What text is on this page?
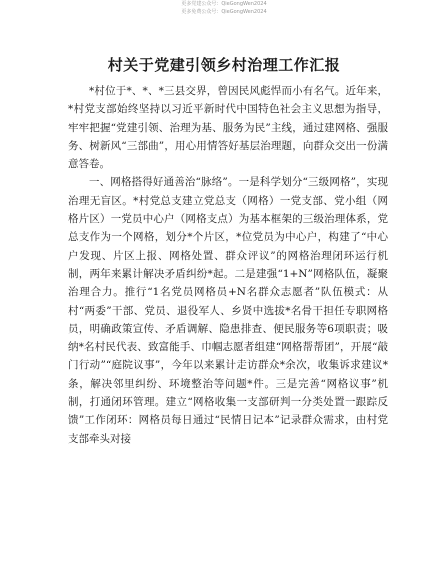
更多党建公众号：QieGongWen2024
更多免费公众号：QieGongWen2024
村关于党建引领乡村治理工作汇报

*村位于*、*、*三县交界，曾因民风彪悍而小有名气。近年来，*村党支部始终坚持以习近平新时代中国特色社会主义思想为指导，牢牢把握“党建引领、治理为基、服务为民”主线，通过建网格、强服务、树新风“三部曲”，用心用情答好基层治理题，向群众交出一份满意答卷。

一、网格搭得好通善治“脉络”。一是科学划分“三级网格”，实现治理无盲区。*村党总支建立党总支（网格）一党支部、党小组（网格片区）一党员中心户（网格支点）为基本框架的三级治理体系，党总支作为一个网格，划分*个片区，*位党员为中心户，构建了“中心户发现、片区上报、网格处置、群众评议”的网格治理闭环运行机制，两年来累计解决矛盾纠纷*起。二是建强“1+N”网格队伍，凝聚治理合力。推行“1名党员网格员+N名群众志愿者”队伍模式：从村“两委”干部、党员、退役军人、乡贤中选拔*名骨干担任专职网格员，明确政策宣传、矛盾调解、隐患排查、便民服务等6项职责；吸纳*名村民代表、致富能手、巾帼志愿者组建“网格帮帮团”，开展“敲门行动”“庭院议事”，今年以来累计走访群众*余次，收集诉求建议*条，解决邻里纠纷、环境整治等问题*件。三是完善“网格议事”机制，打通闭环管理。建立“网格收集一支部研判一分类处置一跟踪反馈”工作闭环：网格员每日通过“民情日记本”记录群众需求，由村党支部牵头对接
